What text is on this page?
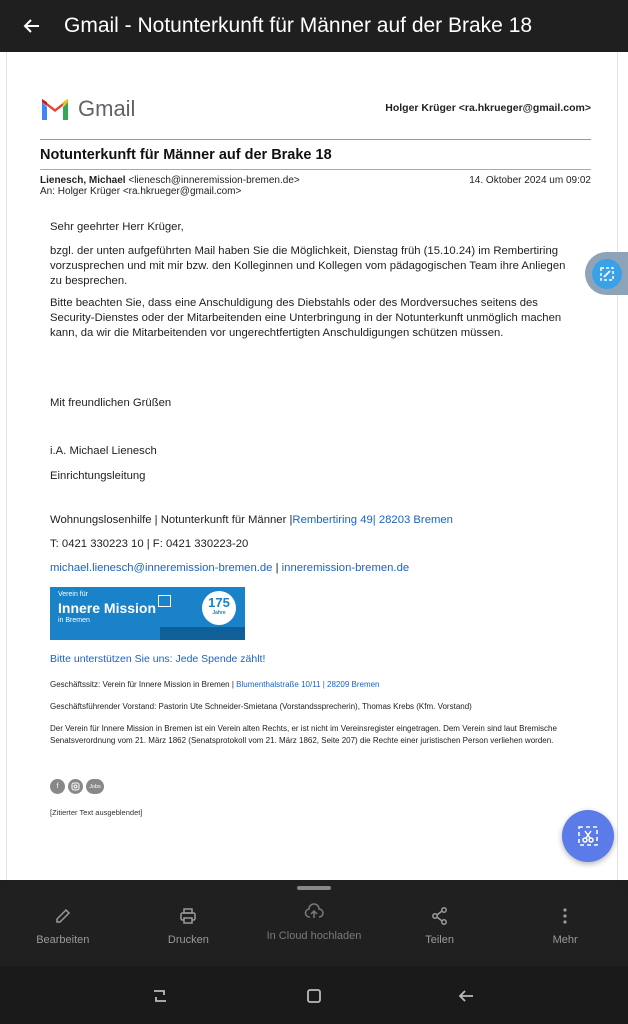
Gmail - Notunterkunft für Männer auf der Brake 18
Gmail	Holger Krüger <ra.hkrueger@gmail.com>
Notunterkunft für Männer auf der Brake 18
Lienesch, Michael <lienesch@inneremission-bremen.de>	14. Oktober 2024 um 09:02
An: Holger Krüger <ra.hkrueger@gmail.com>

Sehr geehrter Herr Krüger,

bzgl. der unten aufgeführten Mail haben Sie die Möglichkeit, Dienstag früh (15.10.24) im Rembertiring vorzusprechen und mit mir bzw. den Kolleginnen und Kollegen vom pädagogischen Team ihre Anliegen zu besprechen.

Bitte beachten Sie, dass eine Anschuldigung des Diebstahls oder des Mordversuches seitens des Security-Dienstes oder der Mitarbeitenden eine Unterbringung in der Notunterkunft unmöglich machen kann, da wir die Mitarbeitenden vor ungerechtfertigten Anschuldigungen schützen müssen.

Mit freundlichen Grüßen

i.A. Michael Lienesch

Einrichtungsleitung

Wohnungslosenhilfe | Notunterkunft für Männer |Rembertiring 49| 28203 Bremen

T: 0421 330223 10 | F: 0421 330223-20

michael.lienesch@inneremission-bremen.de | inneremission-bremen.de

Verein für
Innere Mission
in Bremen
175
Jahre
Bitte unterstützen Sie uns: Jede Spende zählt!
Geschäftssitz: Verein für Innere Mission in Bremen | Blumenthalstraße 10/11 | 28209 Bremen
Geschäftsführender Vorstand: Pastorin Ute Schneider-Smietana (Vorstandssprecherin), Thomas Krebs (Kfm. Vorstand)
Der Verein für Innere Mission in Bremen ist ein Verein alten Rechts, er ist nicht im Vereinsregister eingetragen. Dem Verein sind laut Bremische Senatsverordnung vom 21. März 1862 (Senatsprotokoll vom 21. März 1862, Seite 207) die Rechte einer juristischen Person verliehen worden.
f	Jobs
[Zitierter Text ausgeblendet]
Bearbeiten	Drucken	In Cloud hochladen	Teilen	Mehr
